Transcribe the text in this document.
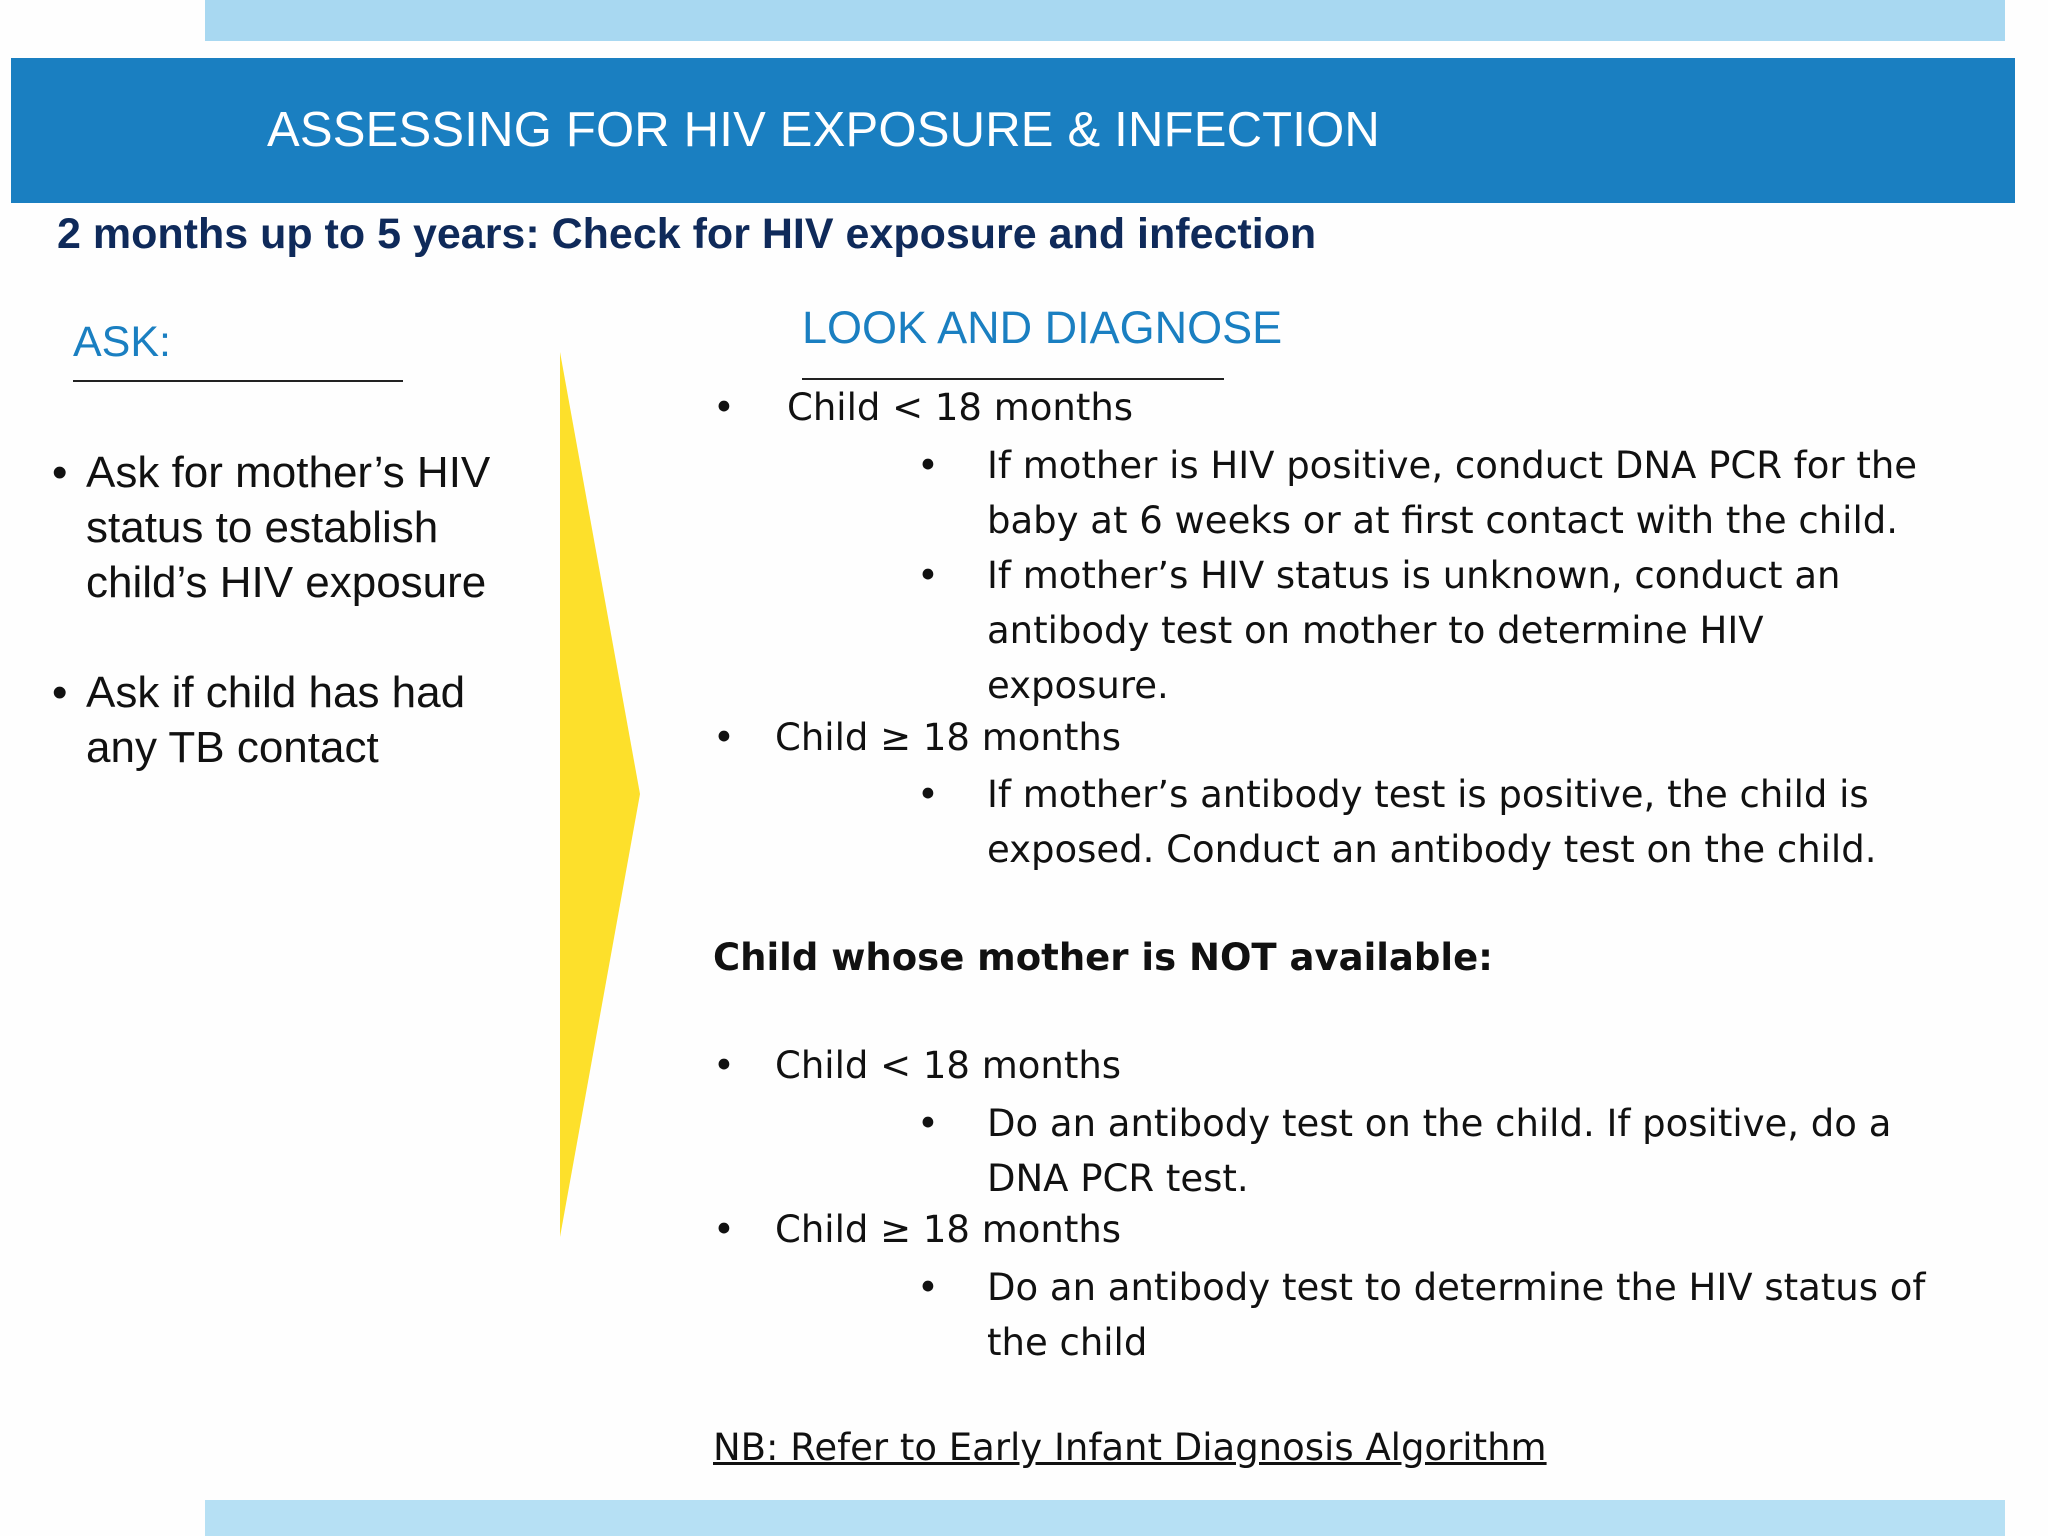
ASSESSING FOR HIV EXPOSURE & INFECTION
2 months up to 5 years: Check for HIV exposure and infection
ASK:
• Ask for mother’s HIV status to establish child’s HIV exposure
• Ask if child has had any TB contact
LOOK AND DIAGNOSE
• Child < 18 months
• If mother is HIV positive, conduct DNA PCR for the baby at 6 weeks or at first contact with the child.
• If mother’s HIV status is unknown, conduct an antibody test on mother to determine HIV exposure.
• Child ≥ 18 months
• If mother’s antibody test is positive, the child is exposed. Conduct an antibody test on the child.
Child whose mother is NOT available:
• Child < 18 months
• Do an antibody test on the child. If positive, do a DNA PCR test.
• Child ≥ 18 months
• Do an antibody test to determine the HIV status of the child
NB: Refer to Early Infant Diagnosis Algorithm
